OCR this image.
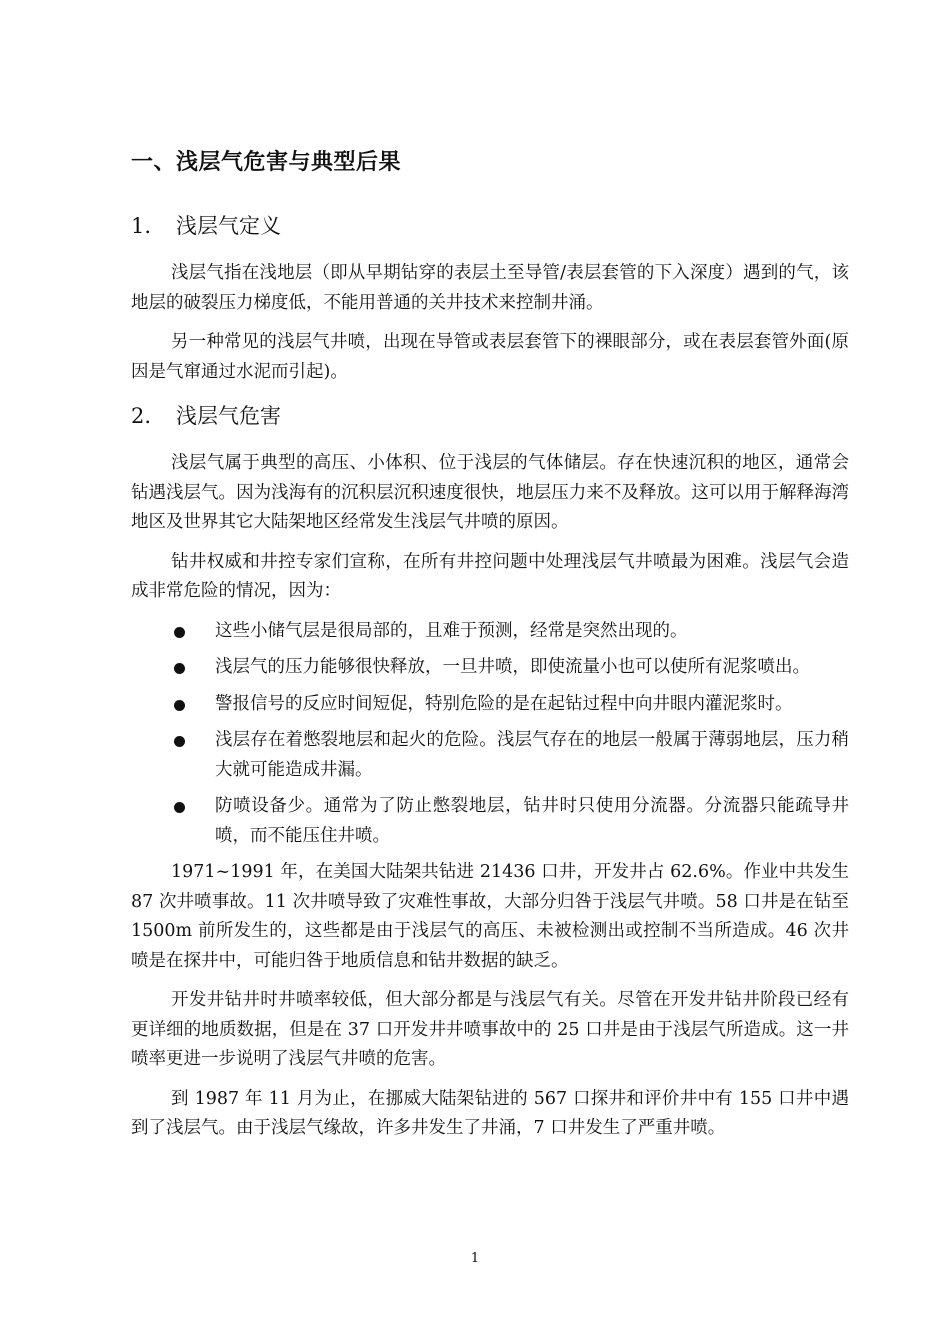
一、浅层气危害与典型后果
1.	浅层气定义

浅层气指在浅地层（即从早期钻穿的表层土至导管/表层套管的下入深度）遇到的气，该地层的破裂压力梯度低，不能用普通的关井技术来控制井涌。

另一种常见的浅层气井喷，出现在导管或表层套管下的裸眼部分，或在表层套管外面(原因是气窜通过水泥而引起)。

2.	浅层气危害

浅层气属于典型的高压、小体积、位于浅层的气体储层。存在快速沉积的地区，通常会钻遇浅层气。因为浅海有的沉积层沉积速度很快，地层压力来不及释放。这可以用于解释海湾地区及世界其它大陆架地区经常发生浅层气井喷的原因。

钻井权威和井控专家们宣称，在所有井控问题中处理浅层气井喷最为困难。浅层气会造成非常危险的情况，因为：

这些小储气层是很局部的，且难于预测，经常是突然出现的。
浅层气的压力能够很快释放，一旦井喷，即使流量小也可以使所有泥浆喷出。
警报信号的反应时间短促，特别危险的是在起钻过程中向井眼内灌泥浆时。
浅层存在着憋裂地层和起火的危险。浅层气存在的地层一般属于薄弱地层，压力稍大就可能造成井漏。
防喷设备少。通常为了防止憋裂地层，钻井时只使用分流器。分流器只能疏导井喷，而不能压住井喷。

1971~1991 年，在美国大陆架共钻进 21436 口井，开发井占 62.6%。作业中共发生 87 次井喷事故。11 次井喷导致了灾难性事故，大部分归咎于浅层气井喷。58 口井是在钻至 1500m 前所发生的，这些都是由于浅层气的高压、未被检测出或控制不当所造成。46 次井喷是在探井中，可能归咎于地质信息和钻井数据的缺乏。

开发井钻井时井喷率较低，但大部分都是与浅层气有关。尽管在开发井钻井阶段已经有更详细的地质数据，但是在 37 口开发井井喷事故中的 25 口井是由于浅层气所造成。这一井喷率更进一步说明了浅层气井喷的危害。

到 1987 年 11 月为止，在挪威大陆架钻进的 567 口探井和评价井中有 155 口井中遇到了浅层气。由于浅层气缘故，许多井发生了井涌，7 口井发生了严重井喷。

1
